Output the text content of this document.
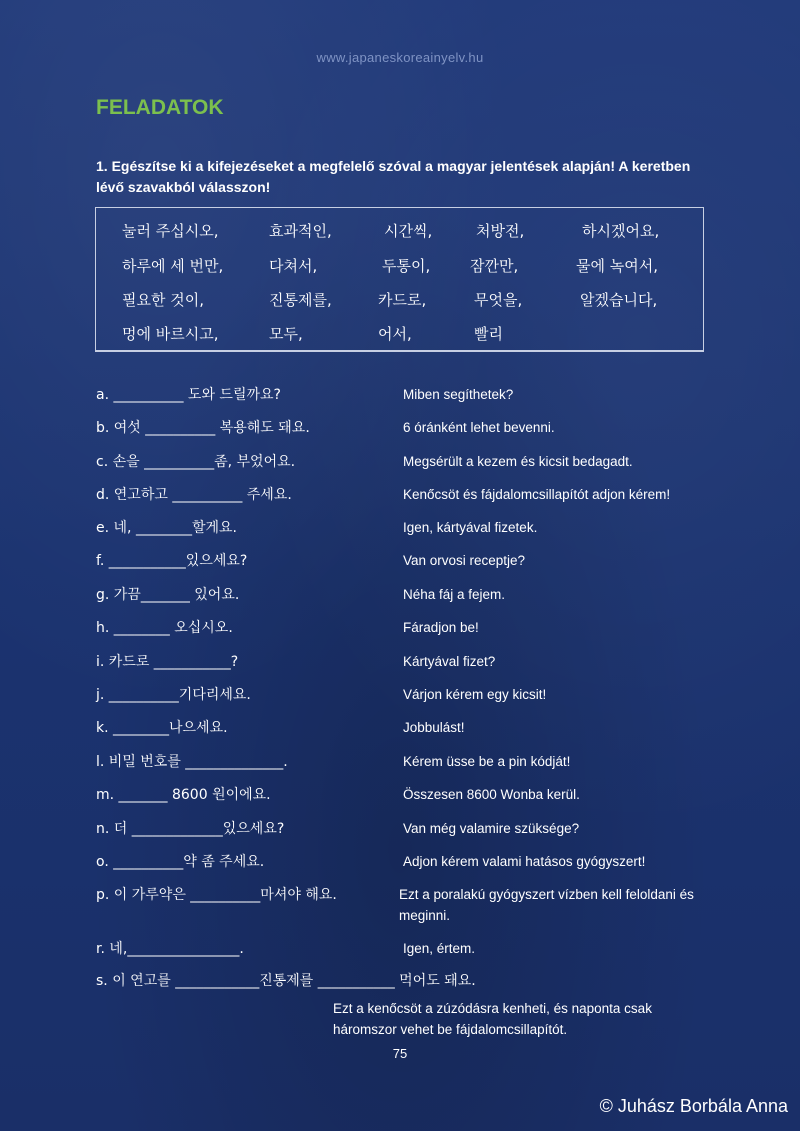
www.japaneskoreainyelv.hu
FELADATOK
1. Egészítse ki a kifejezéseket a megfelelő szóval a magyar jelentések alapján! A keretben lévő szavakból válasszon!
눌러 주십시오,	효과적인,	시간씩,	처방전,	하시겠어요,
하루에 세 번만,	다쳐서,	두통이,	잠깐만,	물에 녹여서,
필요한 것이,	진통제를,	카드로,	무엇을,	알겠습니다,
멍에 바르시고,	모두,	어서,	빨리
a. __________ 도와 드릴까요?	Miben segíthetek?
b. 여섯 __________ 복용해도 돼요.	6 óránként lehet bevenni.
c. 손을 __________좀, 부었어요.	Megsérült a kezem és kicsit bedagadt.
d. 연고하고 __________ 주세요.	Kenőcsöt és fájdalomcsillapítót adjon kérem!
e. 네, ________할게요.	Igen, kártyával fizetek.
f. ___________있으세요?	Van orvosi receptje?
g. 가끔_______ 있어요.	Néha fáj a fejem.
h. ________ 오십시오.	Fáradjon be!
i. 카드로 ___________?	Kártyával fizet?
j. __________기다리세요.	Várjon kérem egy kicsit!
k. ________나으세요.	Jobbulást!
l. 비밀 번호를 ______________.	Kérem üsse be a pin kódját!
m. _______ 8600 원이에요.	Összesen 8600 Wonba kerül.
n. 더 _____________있으세요?	Van még valamire szüksége?
o. __________약 좀 주세요.	Adjon kérem valami hatásos gyógyszert!
p. 이 가루약은 __________마셔야 해요.	Ezt a poralakú gyógyszert vízben kell feloldani és meginni.
r. 네,________________.	Igen, értem.
s. 이 연고를 ____________진통제를 ___________ 먹어도 돼요.
Ezt a kenőcsöt a zúzódásra kenheti, és naponta csak háromszor vehet be fájdalomcsillapítót.
75
© Juhász Borbála Anna
